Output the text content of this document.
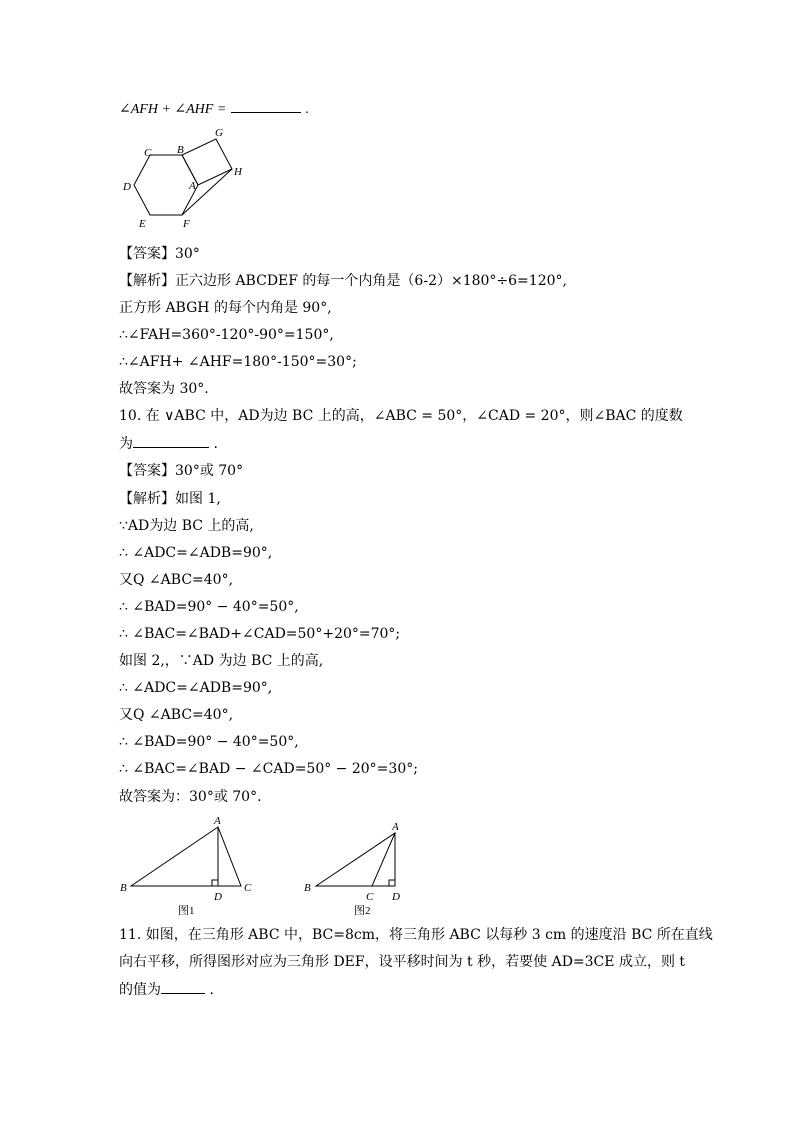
∠AFH + ∠AHF =	.
C B
G
H
D	A
E	F
【答案】30°
【解析】正六边形 ABCDEF 的每一个内角是（6-2）×180°÷6=120°,
正方形 ABGH 的每个内角是 90°,
∴∠FAH=360°-120°-90°=150°,
∴∠AFH+ ∠AHF=180°-150°=30°;
故答案为 30°.
10. 在 ∨ABC 中，AD为边 BC 上的高，∠ABC = 50°，∠CAD = 20°，则∠BAC 的度数
为	.
【答案】30°或 70°
【解析】如图 1,
∵AD为边 BC 上的高,
∴ ∠ADC=∠ADB=90°,
又Q ∠ABC=40°,
∴ ∠BAD=90° − 40°=50°,
∴ ∠BAC=∠BAD+∠CAD=50°+20°=70°;
如图 2,，∵AD 为边 BC 上的高,
∴ ∠ADC=∠ADB=90°,
又Q ∠ABC=40°,
∴ ∠BAD=90° − 40°=50°,
∴ ∠BAC=∠BAD − ∠CAD=50° − 20°=30°;
故答案为：30°或 70°.
A
B
D
C
图1
A
B
C D
图2
11. 如图，在三角形 ABC 中，BC=8cm，将三角形 ABC 以每秒 3 cm 的速度沿 BC 所在直线
向右平移，所得图形对应为三角形 DEF，设平移时间为 t 秒，若要使 AD=3CE 成立，则 t
的值为	.
